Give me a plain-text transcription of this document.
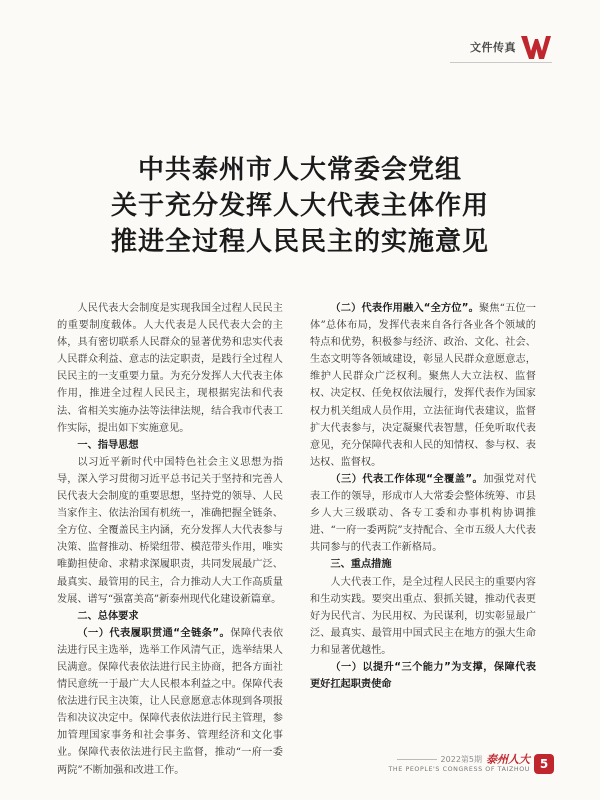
文件传真
中共泰州市人大常委会党组
关于充分发挥人大代表主体作用
推进全过程人民民主的实施意见

人民代表大会制度是实现我国全过程人民民主的重要制度载体。人大代表是人民代表大会的主体，具有密切联系人民群众的显著优势和忠实代表人民群众利益、意志的法定职责，是践行全过程人民民主的一支重要力量。为充分发挥人大代表主体作用，推进全过程人民民主，现根据宪法和代表法、省相关实施办法等法律法规，结合我市代表工作实际，提出如下实施意见。

一、指导思想

以习近平新时代中国特色社会主义思想为指导，深入学习贯彻习近平总书记关于坚持和完善人民代表大会制度的重要思想，坚持党的领导、人民当家作主、依法治国有机统一，准确把握全链条、全方位、全覆盖民主内涵，充分发挥人大代表参与决策、监督推动、桥梁纽带、模范带头作用，唯实唯勤担使命、求精求深履职责，共同发展最广泛、最真实、最管用的民主，合力推动人大工作高质量发展、谱写“强富美高”新泰州现代化建设新篇章。

二、总体要求

（一）代表履职贯通“全链条”。保障代表依法进行民主选举，选举工作风清气正，选举结果人民满意。保障代表依法进行民主协商，把各方面社情民意统一于最广大人民根本利益之中。保障代表依法进行民主决策，让人民意愿意志体现到各项报告和决议决定中。保障代表依法进行民主管理，参加管理国家事务和社会事务、管理经济和文化事业。保障代表依法进行民主监督，推动“一府一委两院”不断加强和改进工作。

（二）代表作用融入“全方位”。聚焦“五位一体”总体布局，发挥代表来自各行各业各个领域的特点和优势，积极参与经济、政治、文化、社会、生态文明等各领域建设，彰显人民群众意愿意志，维护人民群众广泛权利。聚焦人大立法权、监督权、决定权、任免权依法履行，发挥代表作为国家权力机关组成人员作用，立法征询代表建议，监督扩大代表参与，决定凝聚代表智慧，任免听取代表意见，充分保障代表和人民的知情权、参与权、表达权、监督权。

（三）代表工作体现“全覆盖”。加强党对代表工作的领导，形成市人大常委会整体统筹、市县乡人大三级联动、各专工委和办事机构协调推进、“一府一委两院”支持配合、全市五级人大代表共同参与的代表工作新格局。

三、重点措施

人大代表工作，是全过程人民民主的重要内容和生动实践。要突出重点、狠抓关键，推动代表更好为民代言、为民用权、为民谋利，切实彰显最广泛、最真实、最管用中国式民主在地方的强大生命力和显著优越性。

（一）以提升“三个能力”为支撑，保障代表更好扛起职责使命

2022第5期 泰州人大
THE PEOPLE'S CONGRESS OF TAIZHOU 5
